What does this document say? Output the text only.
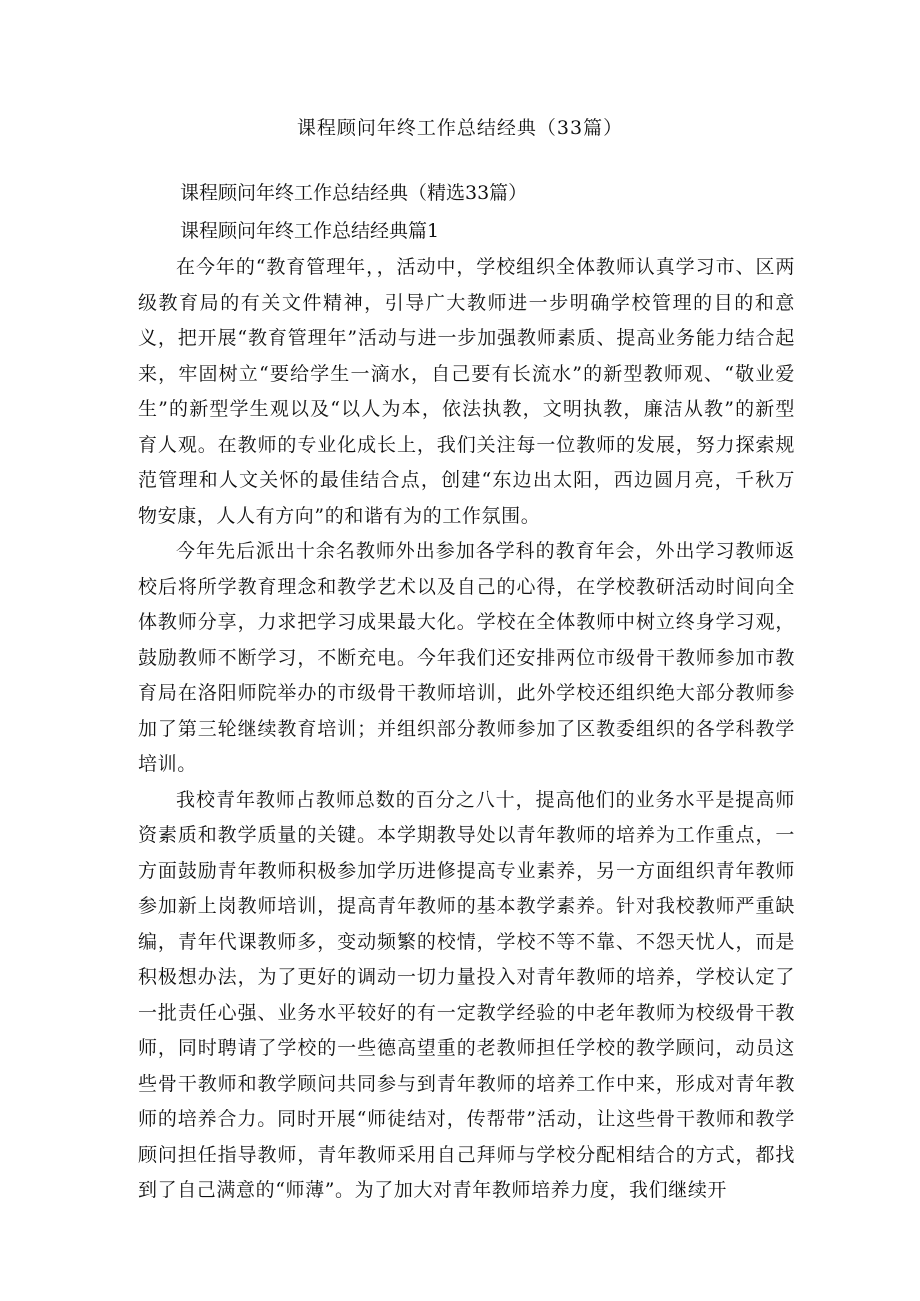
课程顾问年终工作总结经典（33篇）
课程顾问年终工作总结经典（精选33篇）
课程顾问年终工作总结经典篇1

在今年的“教育管理年，，活动中，学校组织全体教师认真学习市、区两级教育局的有关文件精神，引导广大教师进一步明确学校管理的目的和意义，把开展“教育管理年”活动与进一步加强教师素质、提高业务能力结合起来，牢固树立“要给学生一滴水，自己要有长流水”的新型教师观、“敬业爱生”的新型学生观以及“以人为本，依法执教，文明执教，廉洁从教”的新型育人观。在教师的专业化成长上，我们关注每一位教师的发展，努力探索规范管理和人文关怀的最佳结合点，创建“东边出太阳，西边圆月亮，千秋万物安康，人人有方向”的和谐有为的工作氛围。

今年先后派出十余名教师外出参加各学科的教育年会，外出学习教师返校后将所学教育理念和教学艺术以及自己的心得，在学校教研活动时间向全体教师分享，力求把学习成果最大化。学校在全体教师中树立终身学习观，鼓励教师不断学习，不断充电。今年我们还安排两位市级骨干教师参加市教育局在洛阳师院举办的市级骨干教师培训，此外学校还组织绝大部分教师参加了第三轮继续教育培训；并组织部分教师参加了区教委组织的各学科教学培训。

我校青年教师占教师总数的百分之八十，提高他们的业务水平是提高师资素质和教学质量的关键。本学期教导处以青年教师的培养为工作重点，一方面鼓励青年教师积极参加学历进修提高专业素养，另一方面组织青年教师参加新上岗教师培训，提高青年教师的基本教学素养。针对我校教师严重缺编，青年代课教师多，变动频繁的校情，学校不等不靠、不怨天忧人，而是积极想办法，为了更好的调动一切力量投入对青年教师的培养，学校认定了一批责任心强、业务水平较好的有一定教学经验的中老年教师为校级骨干教师，同时聘请了学校的一些德高望重的老教师担任学校的教学顾问，动员这些骨干教师和教学顾问共同参与到青年教师的培养工作中来，形成对青年教师的培养合力。同时开展“师徒结对，传帮带”活动，让这些骨干教师和教学顾问担任指导教师，青年教师采用自己拜师与学校分配相结合的方式，都找到了自己满意的“师薄”。为了加大对青年教师培养力度，我们继续开
